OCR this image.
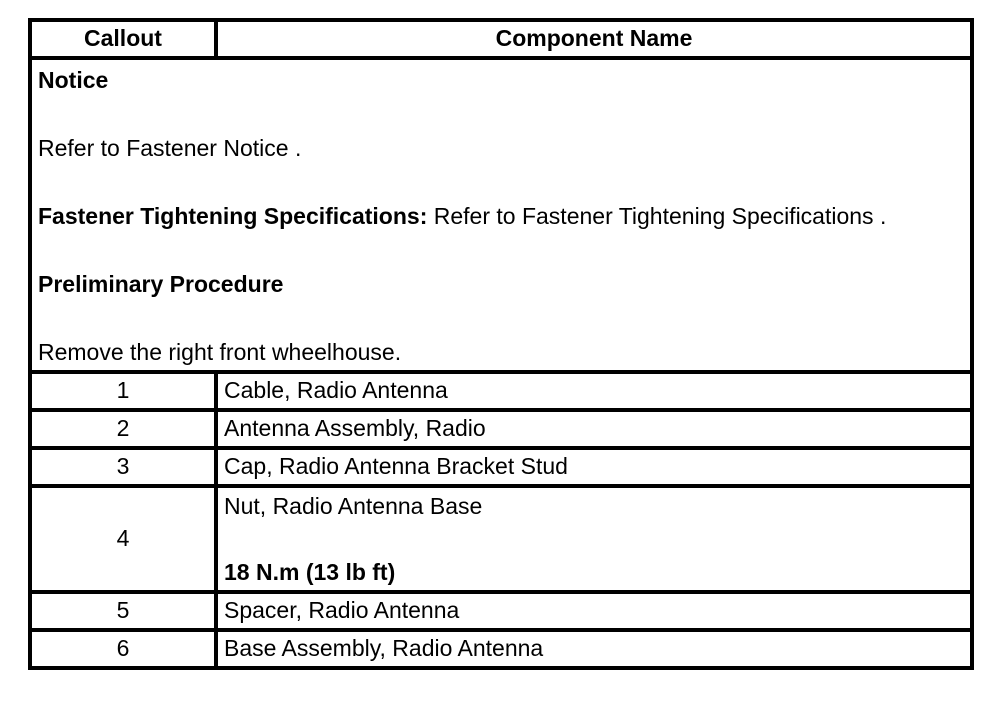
Callout	Component Name

Notice

Refer to Fastener Notice .

Fastener Tightening Specifications: Refer to Fastener Tightening Specifications .

Preliminary Procedure

Remove the right front wheelhouse.	

1	Cable, Radio Antenna
2	Antenna Assembly, Radio
3	Cap, Radio Antenna Bracket Stud
4	Nut, Radio Antenna Base

18 N.m (13 lb ft)

5	Spacer, Radio Antenna
6	Base Assembly, Radio Antenna
